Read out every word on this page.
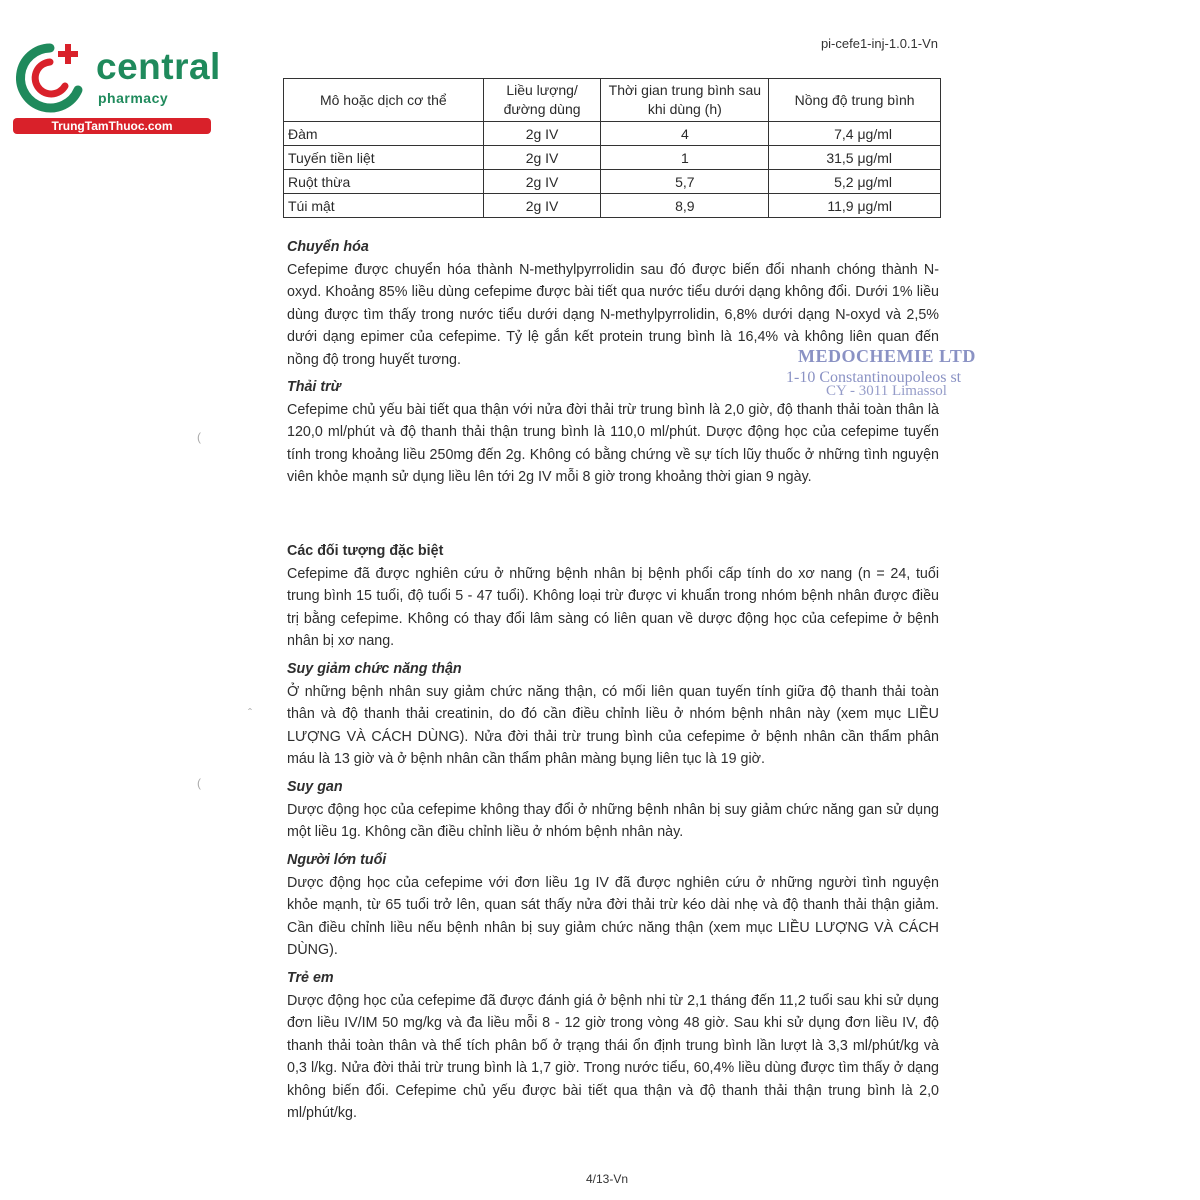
central
pharmacy
TrungTamThuoc.com
pi-cefe1-inj-1.0.1-Vn
Mô hoặc dịch cơ thể	Liều lượng/ đường dùng	Thời gian trung bình sau khi dùng (h)	Nồng độ trung bình
Đàm	2g IV	4	7,4 μg/ml
Tuyến tiền liệt	2g IV	1	31,5 μg/ml
Ruột thừa	2g IV	5,7	5,2 μg/ml
Túi mật	2g IV	8,9	11,9 μg/ml

Chuyển hóa

Cefepime được chuyển hóa thành N-methylpyrrolidin sau đó được biến đổi nhanh chóng thành N-oxyd. Khoảng 85% liều dùng cefepime được bài tiết qua nước tiểu dưới dạng không đổi. Dưới 1% liều dùng được tìm thấy trong nước tiểu dưới dạng N-methylpyrrolidin, 6,8% dưới dạng N-oxyd và 2,5% dưới dạng epimer của cefepime. Tỷ lệ gắn kết protein trung bình là 16,4% và không liên quan đến nồng độ trong huyết tương.

Thải trừ

Cefepime chủ yếu bài tiết qua thận với nửa đời thải trừ trung bình là 2,0 giờ, độ thanh thải toàn thân là 120,0 ml/phút và độ thanh thải thận trung bình là 110,0 ml/phút. Dược động học của cefepime tuyến tính trong khoảng liều 250mg đến 2g. Không có bằng chứng về sự tích lũy thuốc ở những tình nguyện viên khỏe mạnh sử dụng liều lên tới 2g IV mỗi 8 giờ trong khoảng thời gian 9 ngày.

Các đối tượng đặc biệt

Cefepime đã được nghiên cứu ở những bệnh nhân bị bệnh phổi cấp tính do xơ nang (n = 24, tuổi trung bình 15 tuổi, độ tuổi 5 - 47 tuổi). Không loại trừ được vi khuẩn trong nhóm bệnh nhân được điều trị bằng cefepime. Không có thay đổi lâm sàng có liên quan về dược động học của cefepime ở bệnh nhân bị xơ nang.

Suy giảm chức năng thận

Ở những bệnh nhân suy giảm chức năng thận, có mối liên quan tuyến tính giữa độ thanh thải toàn thân và độ thanh thải creatinin, do đó cần điều chỉnh liều ở nhóm bệnh nhân này (xem mục LIỀU LƯỢNG VÀ CÁCH DÙNG). Nửa đời thải trừ trung bình của cefepime ở bệnh nhân cần thẩm phân máu là 13 giờ và ở bệnh nhân cần thẩm phân màng bụng liên tục là 19 giờ.

Suy gan

Dược động học của cefepime không thay đổi ở những bệnh nhân bị suy giảm chức năng gan sử dụng một liều 1g. Không cần điều chỉnh liều ở nhóm bệnh nhân này.

Người lớn tuổi

Dược động học của cefepime với đơn liều 1g IV đã được nghiên cứu ở những người tình nguyện khỏe mạnh, từ 65 tuổi trở lên, quan sát thấy nửa đời thải trừ kéo dài nhẹ và độ thanh thải thận giảm. Cần điều chỉnh liều nếu bệnh nhân bị suy giảm chức năng thận (xem mục LIỀU LƯỢNG VÀ CÁCH DÙNG).

Trẻ em

Dược động học của cefepime đã được đánh giá ở bệnh nhi từ 2,1 tháng đến 11,2 tuổi sau khi sử dụng đơn liều IV/IM 50 mg/kg và đa liều mỗi 8 - 12 giờ trong vòng 48 giờ. Sau khi sử dụng đơn liều IV, độ thanh thải toàn thân và thể tích phân bố ở trạng thái ổn định trung bình lần lượt là 3,3 ml/phút/kg và 0,3 l/kg. Nửa đời thải trừ trung bình là 1,7 giờ. Trong nước tiểu, 60,4% liều dùng được tìm thấy ở dạng không biến đổi. Cefepime chủ yếu được bài tiết qua thận và độ thanh thải thận trung bình là 2,0 ml/phút/kg.

MEDOCHEMIE LTD
1-10 Constantinoupoleos st
CY - 3011 Limassol
(
ˆ
(
4/13-Vn
